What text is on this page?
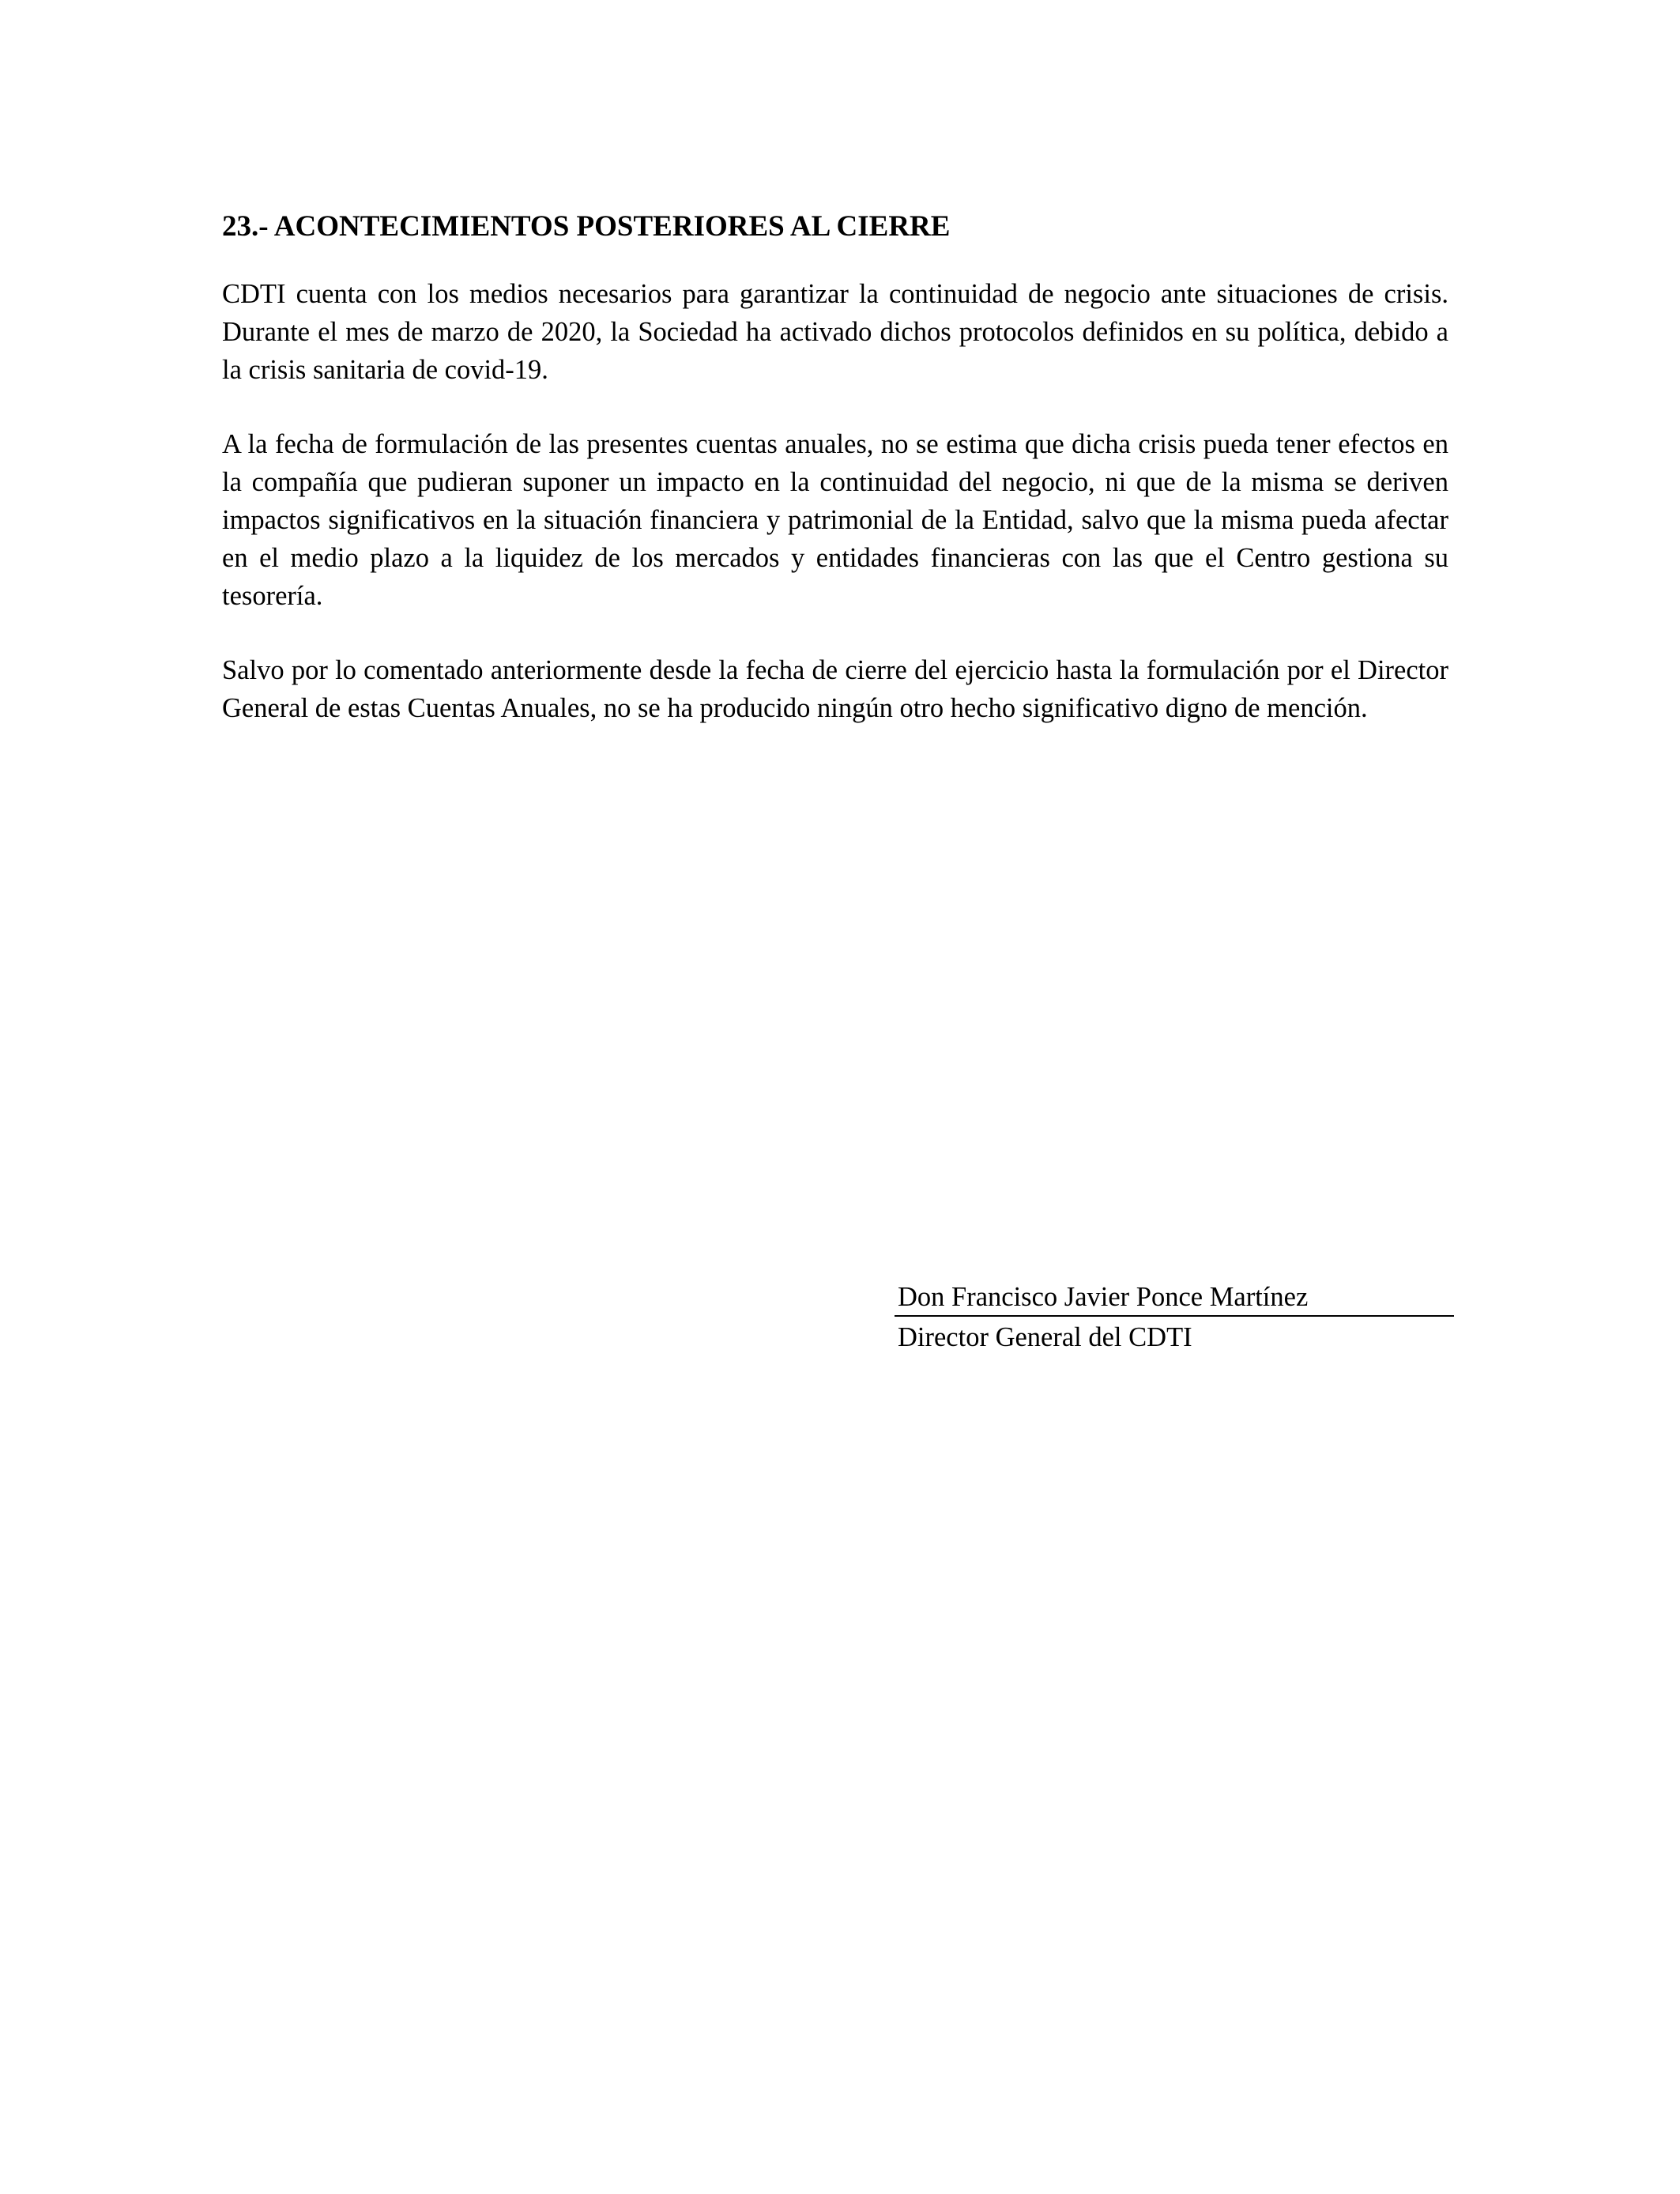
23.- ACONTECIMIENTOS POSTERIORES AL CIERRE

CDTI cuenta con los medios necesarios para garantizar la continuidad de negocio ante situaciones de crisis. Durante el mes de marzo de 2020, la Sociedad ha activado dichos protocolos definidos en su política, debido a la crisis sanitaria de covid-19.

A la fecha de formulación de las presentes cuentas anuales, no se estima que dicha crisis pueda tener efectos en la compañía que pudieran suponer un impacto en la continuidad del negocio, ni que de la misma se deriven impactos significativos en la situación financiera y patrimonial de la Entidad, salvo que la misma pueda afectar en el medio plazo a la liquidez de los mercados y entidades financieras con las que el Centro gestiona su tesorería.

Salvo por lo comentado anteriormente desde la fecha de cierre del ejercicio hasta la formulación por el Director General de estas Cuentas Anuales, no se ha producido ningún otro hecho significativo digno de mención.

Don Francisco Javier Ponce Martínez
Director General del CDTI
